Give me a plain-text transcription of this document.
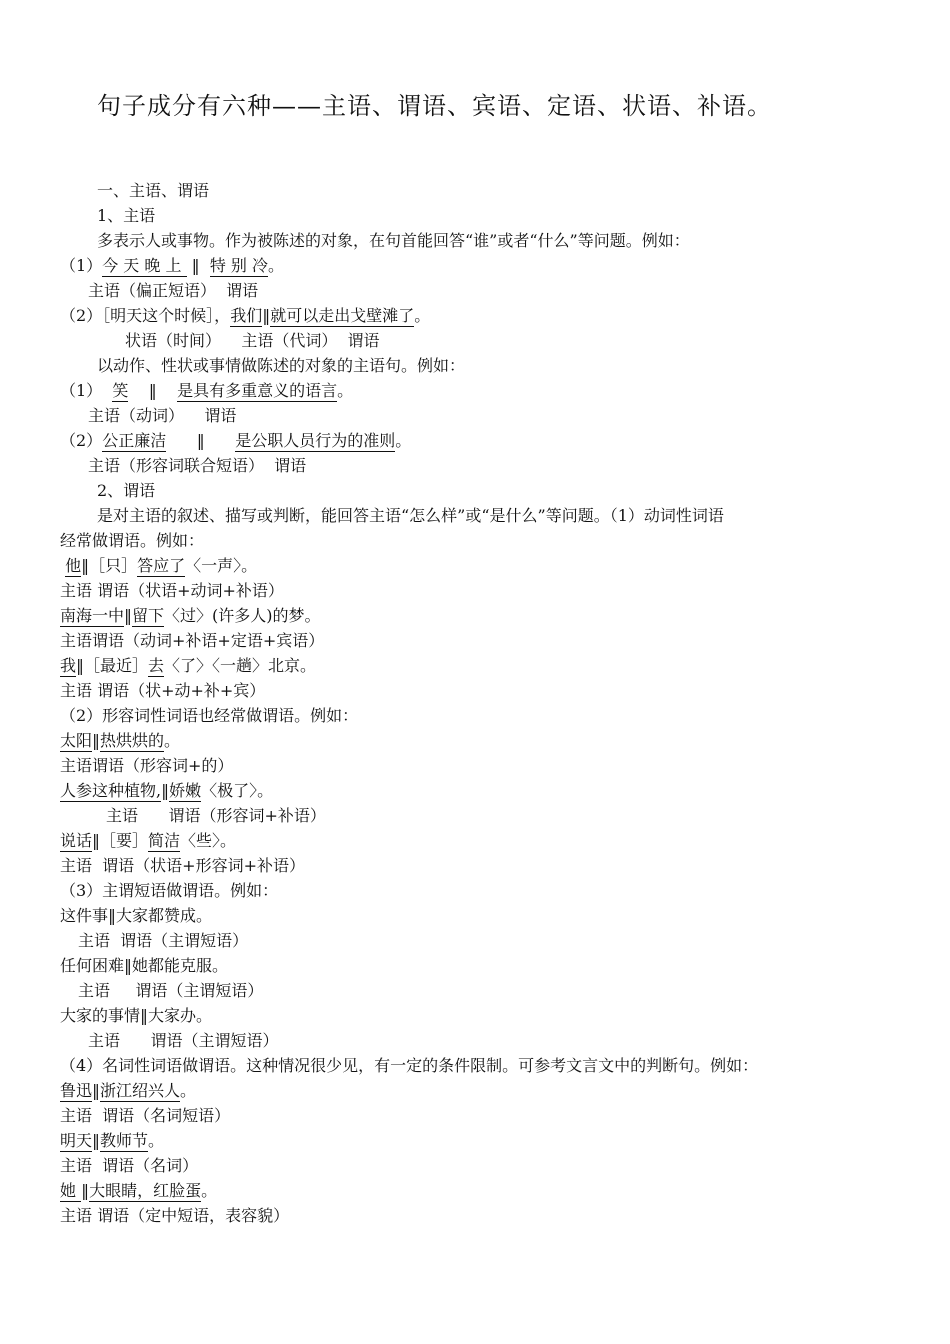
句子成分有六种——主语、谓语、宾语、定语、状语、补语。
一、主语、谓语
1、主语
多表示人或事物。作为被陈述的对象，在句首能回答“谁”或者“什么”等问题。例如：
（1）今 天 晚 上  ‖  特 别 冷。
主语（偏正短语）  谓语
（2）［明天这个时候］，我们‖就可以走出戈壁滩了。
状语（时间）    主语（代词）  谓语
以动作、性状或事情做陈述的对象的主语句。例如：
（1）  笑    ‖    是具有多重意义的语言。
主语（动词）    谓语
（2）公正廉洁      ‖      是公职人员行为的准则。
主语（形容词联合短语）  谓语
2、谓语
是对主语的叙述、描写或判断，能回答主语“怎么样”或“是什么”等问题。（1）动词性词语
经常做谓语。例如：
他‖［只］答应了〈一声〉。
主语 谓语（状语+动词+补语）
南海一中‖留下〈过〉(许多人)的梦。
主语谓语（动词+补语+定语+宾语）
我‖［最近］去〈了〉〈一趟〉北京。
主语 谓语（状+动+补+宾）
（2）形容词性词语也经常做谓语。例如：
太阳‖热烘烘的。
主语谓语（形容词+的）
人参这种植物,‖娇嫩〈极了〉。
主语      谓语（形容词+补语）
说话‖［要］简洁〈些〉。
主语  谓语（状语+形容词+补语）
（3）主谓短语做谓语。例如：
这件事‖大家都赞成。
主语  谓语（主谓短语）
任何困难‖她都能克服。
主语     谓语（主谓短语）
大家的事情‖大家办。
主语      谓语（主谓短语）
（4）名词性词语做谓语。这种情况很少见，有一定的条件限制。可参考文言文中的判断句。例如：
鲁迅‖浙江绍兴人。
主语  谓语（名词短语）
明天‖教师节。
主语  谓语（名词）
她 ‖大眼睛，红脸蛋。
主语 谓语（定中短语，表容貌）
